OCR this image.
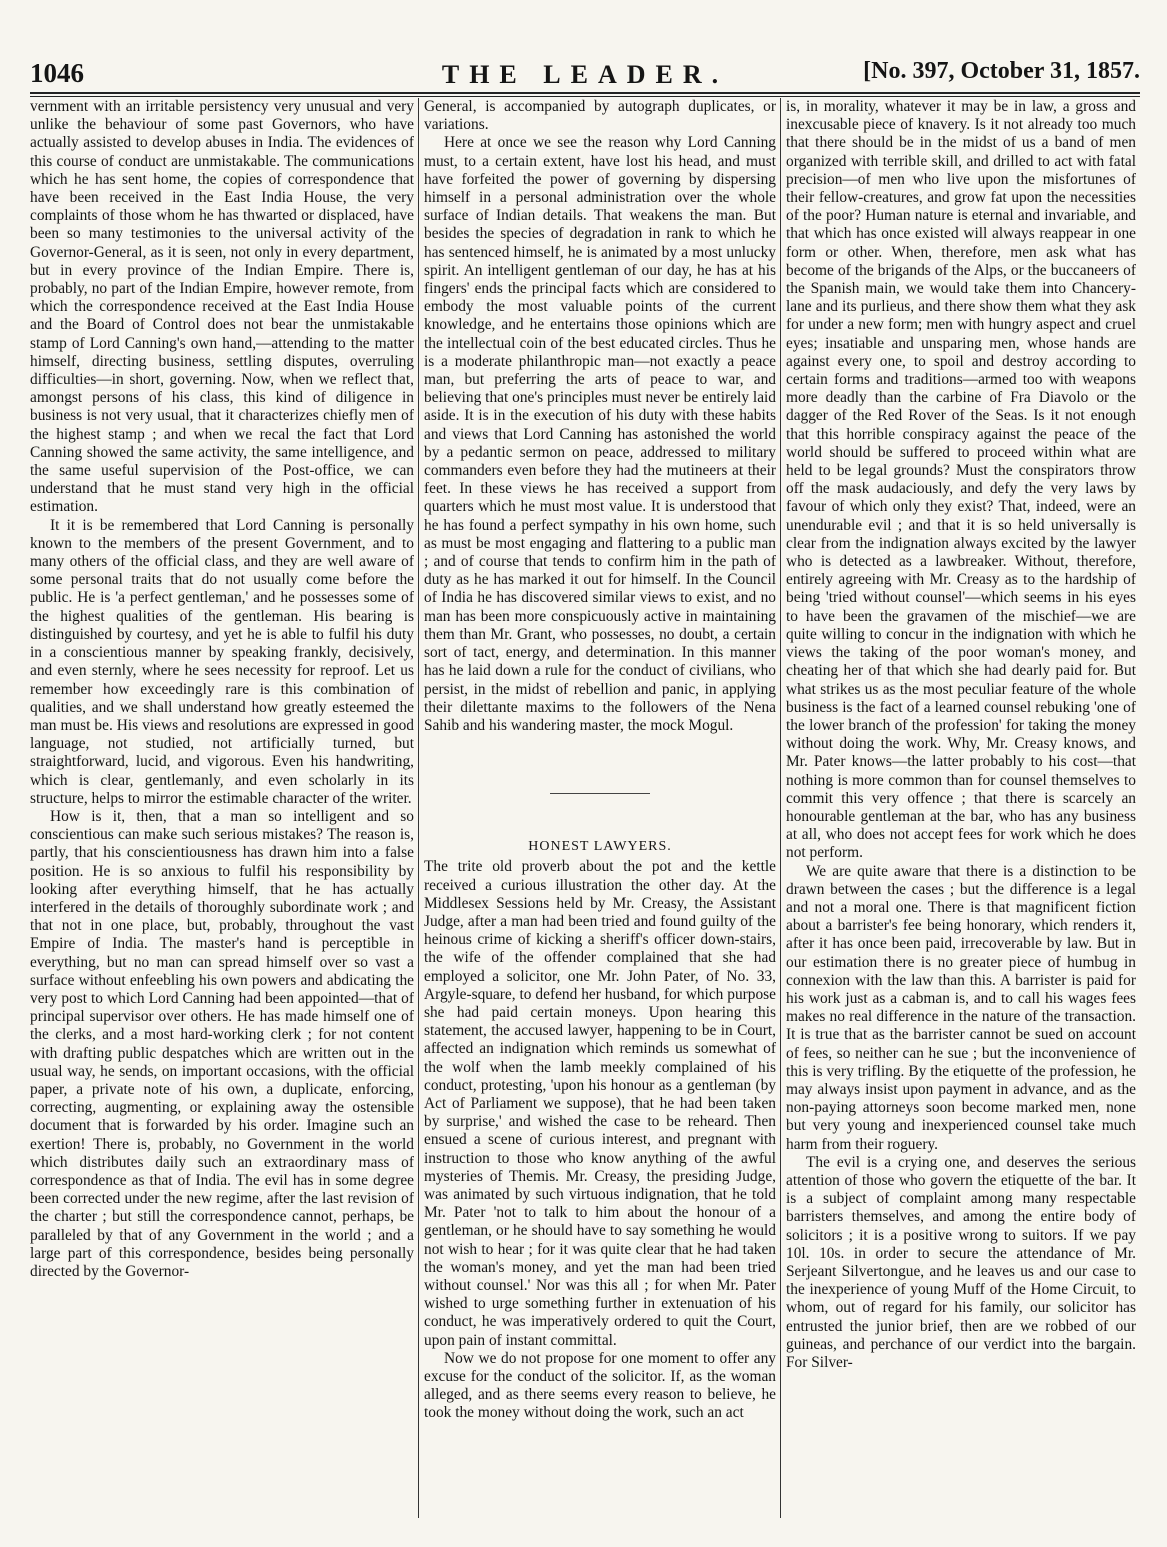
1046	THE LEADER.	[No. 397, October 31, 1857.

vernment with an irritable persistency very unusual and very unlike the behaviour of some past Governors, who have actually assisted to develop abuses in India. The evidences of this course of conduct are unmistakable. The communications which he has sent home, the copies of correspondence that have been received in the East India House, the very complaints of those whom he has thwarted or displaced, have been so many testimonies to the universal activity of the Governor-General, as it is seen, not only in every department, but in every province of the Indian Empire. There is, probably, no part of the Indian Empire, however remote, from which the correspondence received at the East India House and the Board of Control does not bear the unmistakable stamp of Lord Canning's own hand,—attending to the matter himself, directing business, settling disputes, overruling difficulties—in short, governing. Now, when we reflect that, amongst persons of his class, this kind of diligence in business is not very usual, that it characterizes chiefly men of the highest stamp ; and when we recal the fact that Lord Canning showed the same activity, the same intelligence, and the same useful supervision of the Post-office, we can understand that he must stand very high in the official estimation.

It it is be remembered that Lord Canning is personally known to the members of the present Government, and to many others of the official class, and they are well aware of some personal traits that do not usually come before the public. He is 'a perfect gentleman,' and he possesses some of the highest qualities of the gentleman. His bearing is distinguished by courtesy, and yet he is able to fulfil his duty in a conscientious manner by speaking frankly, decisively, and even sternly, where he sees necessity for reproof. Let us remember how exceedingly rare is this combination of qualities, and we shall understand how greatly esteemed the man must be. His views and resolutions are expressed in good language, not studied, not artificially turned, but straightforward, lucid, and vigorous. Even his handwriting, which is clear, gentlemanly, and even scholarly in its structure, helps to mirror the estimable character of the writer.

How is it, then, that a man so intelligent and so conscientious can make such serious mistakes? The reason is, partly, that his conscientiousness has drawn him into a false position. He is so anxious to fulfil his responsibility by looking after everything himself, that he has actually interfered in the details of thoroughly subordinate work ; and that not in one place, but, probably, throughout the vast Empire of India. The master's hand is perceptible in everything, but no man can spread himself over so vast a surface without enfeebling his own powers and abdicating the very post to which Lord Canning had been appointed—that of principal supervisor over others. He has made himself one of the clerks, and a most hard-working clerk ; for not content with drafting public despatches which are written out in the usual way, he sends, on important occasions, with the official paper, a private note of his own, a duplicate, enforcing, correcting, augmenting, or explaining away the ostensible document that is forwarded by his order. Imagine such an exertion! There is, probably, no Government in the world which distributes daily such an extraordinary mass of correspondence as that of India. The evil has in some degree been corrected under the new regime, after the last revision of the charter ; but still the correspondence cannot, perhaps, be paralleled by that of any Government in the world ; and a large part of this correspondence, besides being personally directed by the Governor-

General, is accompanied by autograph duplicates, or variations.

Here at once we see the reason why Lord Canning must, to a certain extent, have lost his head, and must have forfeited the power of governing by dispersing himself in a personal administration over the whole surface of Indian details. That weakens the man. But besides the species of degradation in rank to which he has sentenced himself, he is animated by a most unlucky spirit. An intelligent gentleman of our day, he has at his fingers' ends the principal facts which are considered to embody the most valuable points of the current knowledge, and he entertains those opinions which are the intellectual coin of the best educated circles. Thus he is a moderate philanthropic man—not exactly a peace man, but preferring the arts of peace to war, and believing that one's principles must never be entirely laid aside. It is in the execution of his duty with these habits and views that Lord Canning has astonished the world by a pedantic sermon on peace, addressed to military commanders even before they had the mutineers at their feet. In these views he has received a support from quarters which he must most value. It is understood that he has found a perfect sympathy in his own home, such as must be most engaging and flattering to a public man ; and of course that tends to confirm him in the path of duty as he has marked it out for himself. In the Council of India he has discovered similar views to exist, and no man has been more conspicuously active in maintaining them than Mr. Grant, who possesses, no doubt, a certain sort of tact, energy, and determination. In this manner has he laid down a rule for the conduct of civilians, who persist, in the midst of rebellion and panic, in applying their dilettante maxims to the followers of the Nena Sahib and his wandering master, the mock Mogul.

HONEST LAWYERS.

The trite old proverb about the pot and the kettle received a curious illustration the other day. At the Middlesex Sessions held by Mr. Creasy, the Assistant Judge, after a man had been tried and found guilty of the heinous crime of kicking a sheriff's officer down-stairs, the wife of the offender complained that she had employed a solicitor, one Mr. John Pater, of No. 33, Argyle-square, to defend her husband, for which purpose she had paid certain moneys. Upon hearing this statement, the accused lawyer, happening to be in Court, affected an indignation which reminds us somewhat of the wolf when the lamb meekly complained of his conduct, protesting, 'upon his honour as a gentleman (by Act of Parliament we suppose), that he had been taken by surprise,' and wished the case to be reheard. Then ensued a scene of curious interest, and pregnant with instruction to those who know anything of the awful mysteries of Themis. Mr. Creasy, the presiding Judge, was animated by such virtuous indignation, that he told Mr. Pater 'not to talk to him about the honour of a gentleman, or he should have to say something he would not wish to hear ; for it was quite clear that he had taken the woman's money, and yet the man had been tried without counsel.' Nor was this all ; for when Mr. Pater wished to urge something further in extenuation of his conduct, he was imperatively ordered to quit the Court, upon pain of instant committal.

Now we do not propose for one moment to offer any excuse for the conduct of the solicitor. If, as the woman alleged, and as there seems every reason to believe, he took the money without doing the work, such an act

is, in morality, whatever it may be in law, a gross and inexcusable piece of knavery. Is it not already too much that there should be in the midst of us a band of men organized with terrible skill, and drilled to act with fatal precision—of men who live upon the misfortunes of their fellow-creatures, and grow fat upon the necessities of the poor? Human nature is eternal and invariable, and that which has once existed will always reappear in one form or other. When, therefore, men ask what has become of the brigands of the Alps, or the buccaneers of the Spanish main, we would take them into Chancery-lane and its purlieus, and there show them what they ask for under a new form; men with hungry aspect and cruel eyes; insatiable and unsparing men, whose hands are against every one, to spoil and destroy according to certain forms and traditions—armed too with weapons more deadly than the carbine of Fra Diavolo or the dagger of the Red Rover of the Seas. Is it not enough that this horrible conspiracy against the peace of the world should be suffered to proceed within what are held to be legal grounds? Must the conspirators throw off the mask audaciously, and defy the very laws by favour of which only they exist? That, indeed, were an unendurable evil ; and that it is so held universally is clear from the indignation always excited by the lawyer who is detected as a lawbreaker. Without, therefore, entirely agreeing with Mr. Creasy as to the hardship of being 'tried without counsel'—which seems in his eyes to have been the gravamen of the mischief—we are quite willing to concur in the indignation with which he views the taking of the poor woman's money, and cheating her of that which she had dearly paid for. But what strikes us as the most peculiar feature of the whole business is the fact of a learned counsel rebuking 'one of the lower branch of the profession' for taking the money without doing the work. Why, Mr. Creasy knows, and Mr. Pater knows—the latter probably to his cost—that nothing is more common than for counsel themselves to commit this very offence ; that there is scarcely an honourable gentleman at the bar, who has any business at all, who does not accept fees for work which he does not perform.

We are quite aware that there is a distinction to be drawn between the cases ; but the difference is a legal and not a moral one. There is that magnificent fiction about a barrister's fee being honorary, which renders it, after it has once been paid, irrecoverable by law. But in our estimation there is no greater piece of humbug in connexion with the law than this. A barrister is paid for his work just as a cabman is, and to call his wages fees makes no real difference in the nature of the transaction. It is true that as the barrister cannot be sued on account of fees, so neither can he sue ; but the inconvenience of this is very trifling. By the etiquette of the profession, he may always insist upon payment in advance, and as the non-paying attorneys soon become marked men, none but very young and inexperienced counsel take much harm from their roguery.

The evil is a crying one, and deserves the serious attention of those who govern the etiquette of the bar. It is a subject of complaint among many respectable barristers themselves, and among the entire body of solicitors ; it is a positive wrong to suitors. If we pay 10l. 10s. in order to secure the attendance of Mr. Serjeant Silvertongue, and he leaves us and our case to the inexperience of young Muff of the Home Circuit, to whom, out of regard for his family, our solicitor has entrusted the junior brief, then are we robbed of our guineas, and perchance of our verdict into the bargain. For Silver-
